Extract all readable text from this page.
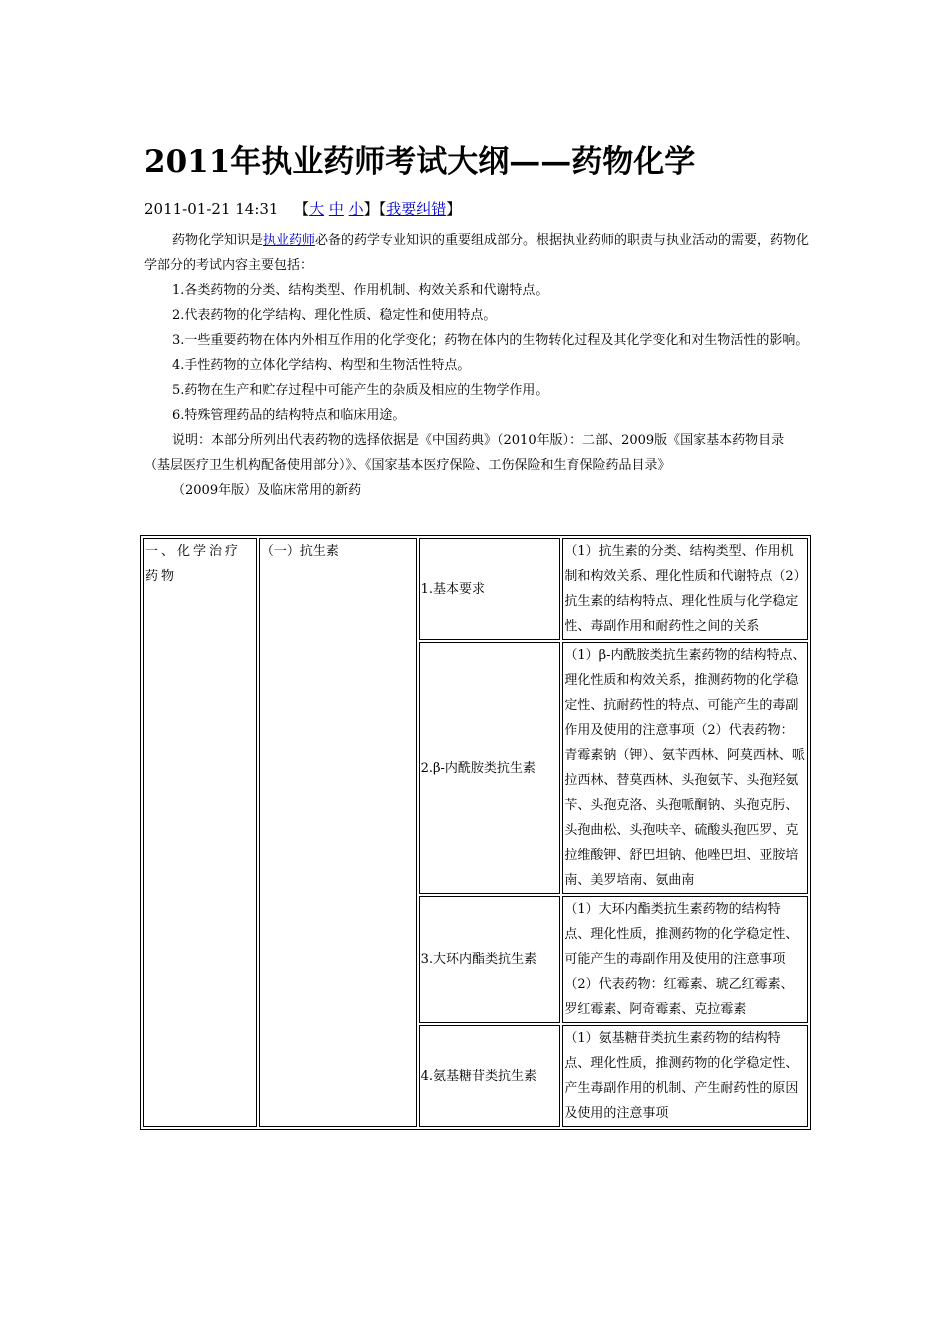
2011年执业药师考试大纲——药物化学
2011-01-21 14:31 【大 中 小】【我要纠错】

药物化学知识是执业药师必备的药学专业知识的重要组成部分。根据执业药师的职责与执业活动的需要，药物化学部分的考试内容主要包括：

1.各类药物的分类、结构类型、作用机制、构效关系和代谢特点。

2.代表药物的化学结构、理化性质、稳定性和使用特点。

3.一些重要药物在体内外相互作用的化学变化；药物在体内的生物转化过程及其化学变化和对生物活性的影响。

4.手性药物的立体化学结构、构型和生物活性特点。

5.药物在生产和贮存过程中可能产生的杂质及相应的生物学作用。

6.特殊管理药品的结构特点和临床用途。

说明：本部分所列出代表药物的选择依据是《中国药典》（2010年版）：二部、2009版《国家基本药物目录（基层医疗卫生机构配备使用部分）》、《国家基本医疗保险、工伤保险和生育保险药品目录》

（2009年版）及临床常用的新药

一、化学治疗药物	（一）抗生素	1.基本要求	（1）抗生素的分类、结构类型、作用机制和构效关系、理化性质和代谢特点（2）抗生素的结构特点、理化性质与化学稳定性、毒副作用和耐药性之间的关系
		2.β-内酰胺类抗生素	（1）β-内酰胺类抗生素药物的结构特点、理化性质和构效关系，推测药物的化学稳定性、抗耐药性的特点、可能产生的毒副作用及使用的注意事项（2）代表药物：青霉素钠（钾）、氨苄西林、阿莫西林、哌拉西林、替莫西林、头孢氨苄、头孢羟氨苄、头孢克洛、头孢哌酮钠、头孢克肟、头孢曲松、头孢呋辛、硫酸头孢匹罗、克拉维酸钾、舒巴坦钠、他唑巴坦、亚胺培南、美罗培南、氨曲南
		3.大环内酯类抗生素	（1）大环内酯类抗生素药物的结构特点、理化性质，推测药物的化学稳定性、可能产生的毒副作用及使用的注意事项（2）代表药物：红霉素、琥乙红霉素、罗红霉素、阿奇霉素、克拉霉素
		4.氨基糖苷类抗生素	（1）氨基糖苷类抗生素药物的结构特点、理化性质，推测药物的化学稳定性、产生毒副作用的机制、产生耐药性的原因及使用的注意事项
